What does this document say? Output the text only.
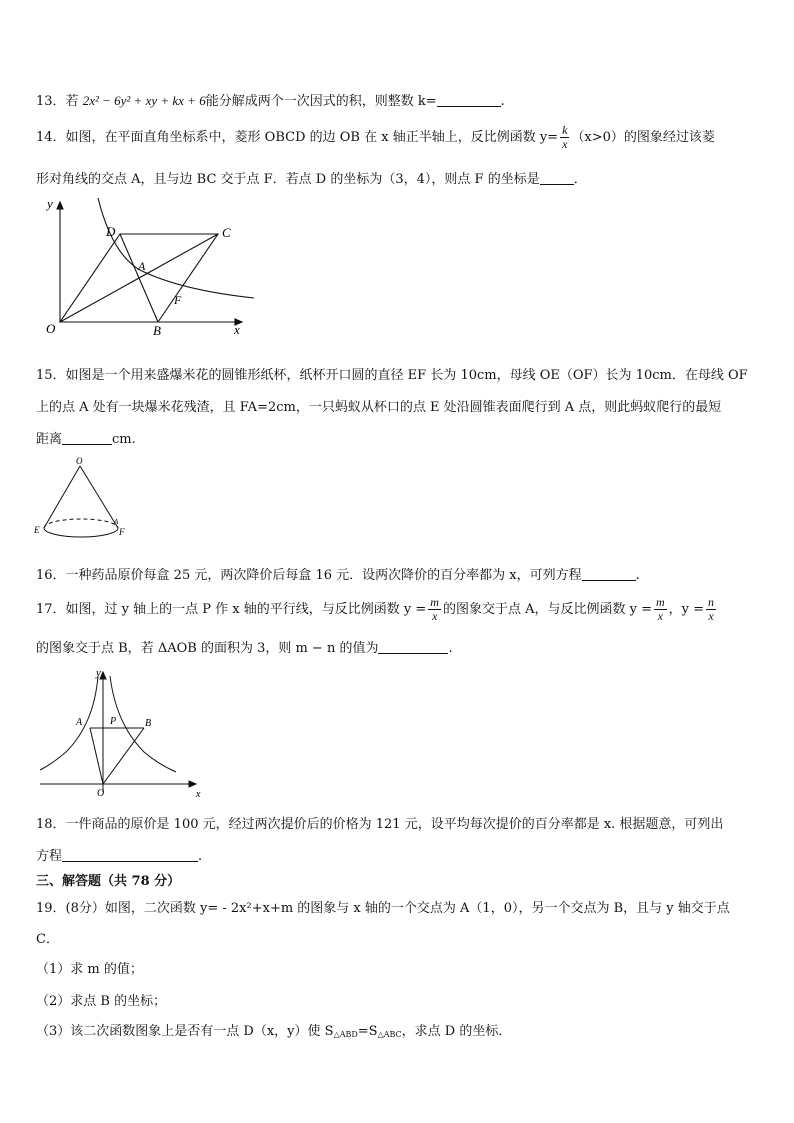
13．若 2x² − 6y² + xy + kx + 6能分解成两个一次因式的积，则整数 k=	.
14．如图，在平面直角坐标系中，菱形 OBCD 的边 OB 在 x 轴正半轴上，反比例函数 $y= \frac{k}{x} (x>0)$的图象经过该菱
形对角线的交点 A，且与边 BC 交于点 F．若点 D 的坐标为（3，4），则点 F 的坐标是	．
y
x
O	B
C
D
A
F
15．如图是一个用来盛爆米花的圆锥形纸杯，纸杯开口圆的直径 EF 长为 10cm，母线 OE（OF）长为 10cm．在母线 OF
上的点 A 处有一块爆米花残渣，且 FA=2cm，一只蚂蚁从杯口的点 E 处沿圆锥表面爬行到 A 点，则此蚂蚁爬行的最短
距离	cm.
O
E	F
A
16．一种药品原价每盒 25 元，两次降价后每盒 16 元．设两次降价的百分率都为 x，可列方程	.
17．如图，过 y 轴上的一点 P 作 x 轴的平行线，与反比例函数 $y = \frac{m}{x}$ 的图象交于点 A，与反比例函数 $y = \frac{m}{x}$ ，$y = \frac{n}{x}$
的图象交于点 B，若 ΔAOB 的面积为 3，则 m − n 的值为	.
y
x
A	P	B
O
18．一件商品的原价是 100 元，经过两次提价后的价格为 121 元，设平均每次提价的百分率都是 x. 根据题意，可列出
方程	.
三、解答题（共 78 分）
19．(8分）如图，二次函数 y= - 2x²+x+m 的图象与 x 轴的一个交点为 A（1，0），另一个交点为 B，且与 y 轴交于点
C．
（1）求 m 的值；
（2）求点 B 的坐标；
（3）该二次函数图象上是否有一点 D（x，y）使 $S_{\triangle ABD}=S_{\triangle ABC}$，求点 D 的坐标．
